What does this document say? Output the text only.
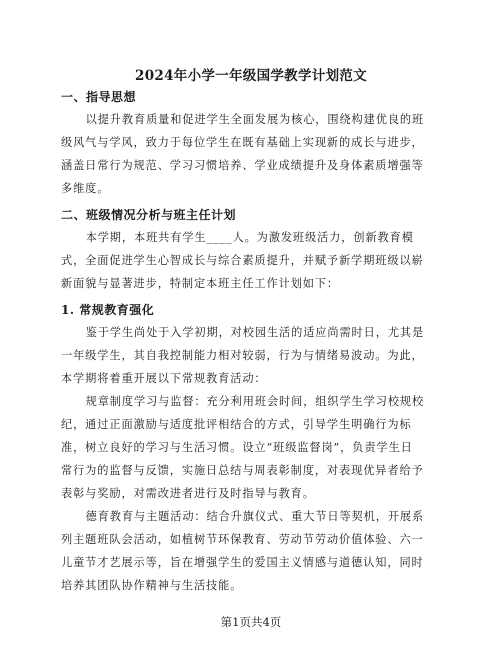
2024年小学一年级国学教学计划范文
一、指导思想
以提升教育质量和促进学生全面发展为核心，围绕构建优良的班
级风气与学风，致力于每位学生在既有基础上实现新的成长与进步，
涵盖日常行为规范、学习习惯培养、学业成绩提升及身体素质增强等
多维度。
二、班级情况分析与班主任计划
本学期，本班共有学生____人。为激发班级活力，创新教育模
式，全面促进学生心智成长与综合素质提升，并赋予新学期班级以崭
新面貌与显著进步，特制定本班主任工作计划如下：
1. 常规教育强化
鉴于学生尚处于入学初期，对校园生活的适应尚需时日，尤其是
一年级学生，其自我控制能力相对较弱，行为与情绪易波动。为此，
本学期将着重开展以下常规教育活动：
规章制度学习与监督：充分利用班会时间，组织学生学习校规校
纪，通过正面激励与适度批评相结合的方式，引导学生明确行为标
准，树立良好的学习与生活习惯。设立“班级监督岗”，负责学生日
常行为的监督与反馈，实施日总结与周表彰制度，对表现优异者给予
表彰与奖励，对需改进者进行及时指导与教育。
德育教育与主题活动：结合升旗仪式、重大节日等契机，开展系
列主题班队会活动，如植树节环保教育、劳动节劳动价值体验、六一
儿童节才艺展示等，旨在增强学生的爱国主义情感与道德认知，同时
培养其团队协作精神与生活技能。
第1页共4页
